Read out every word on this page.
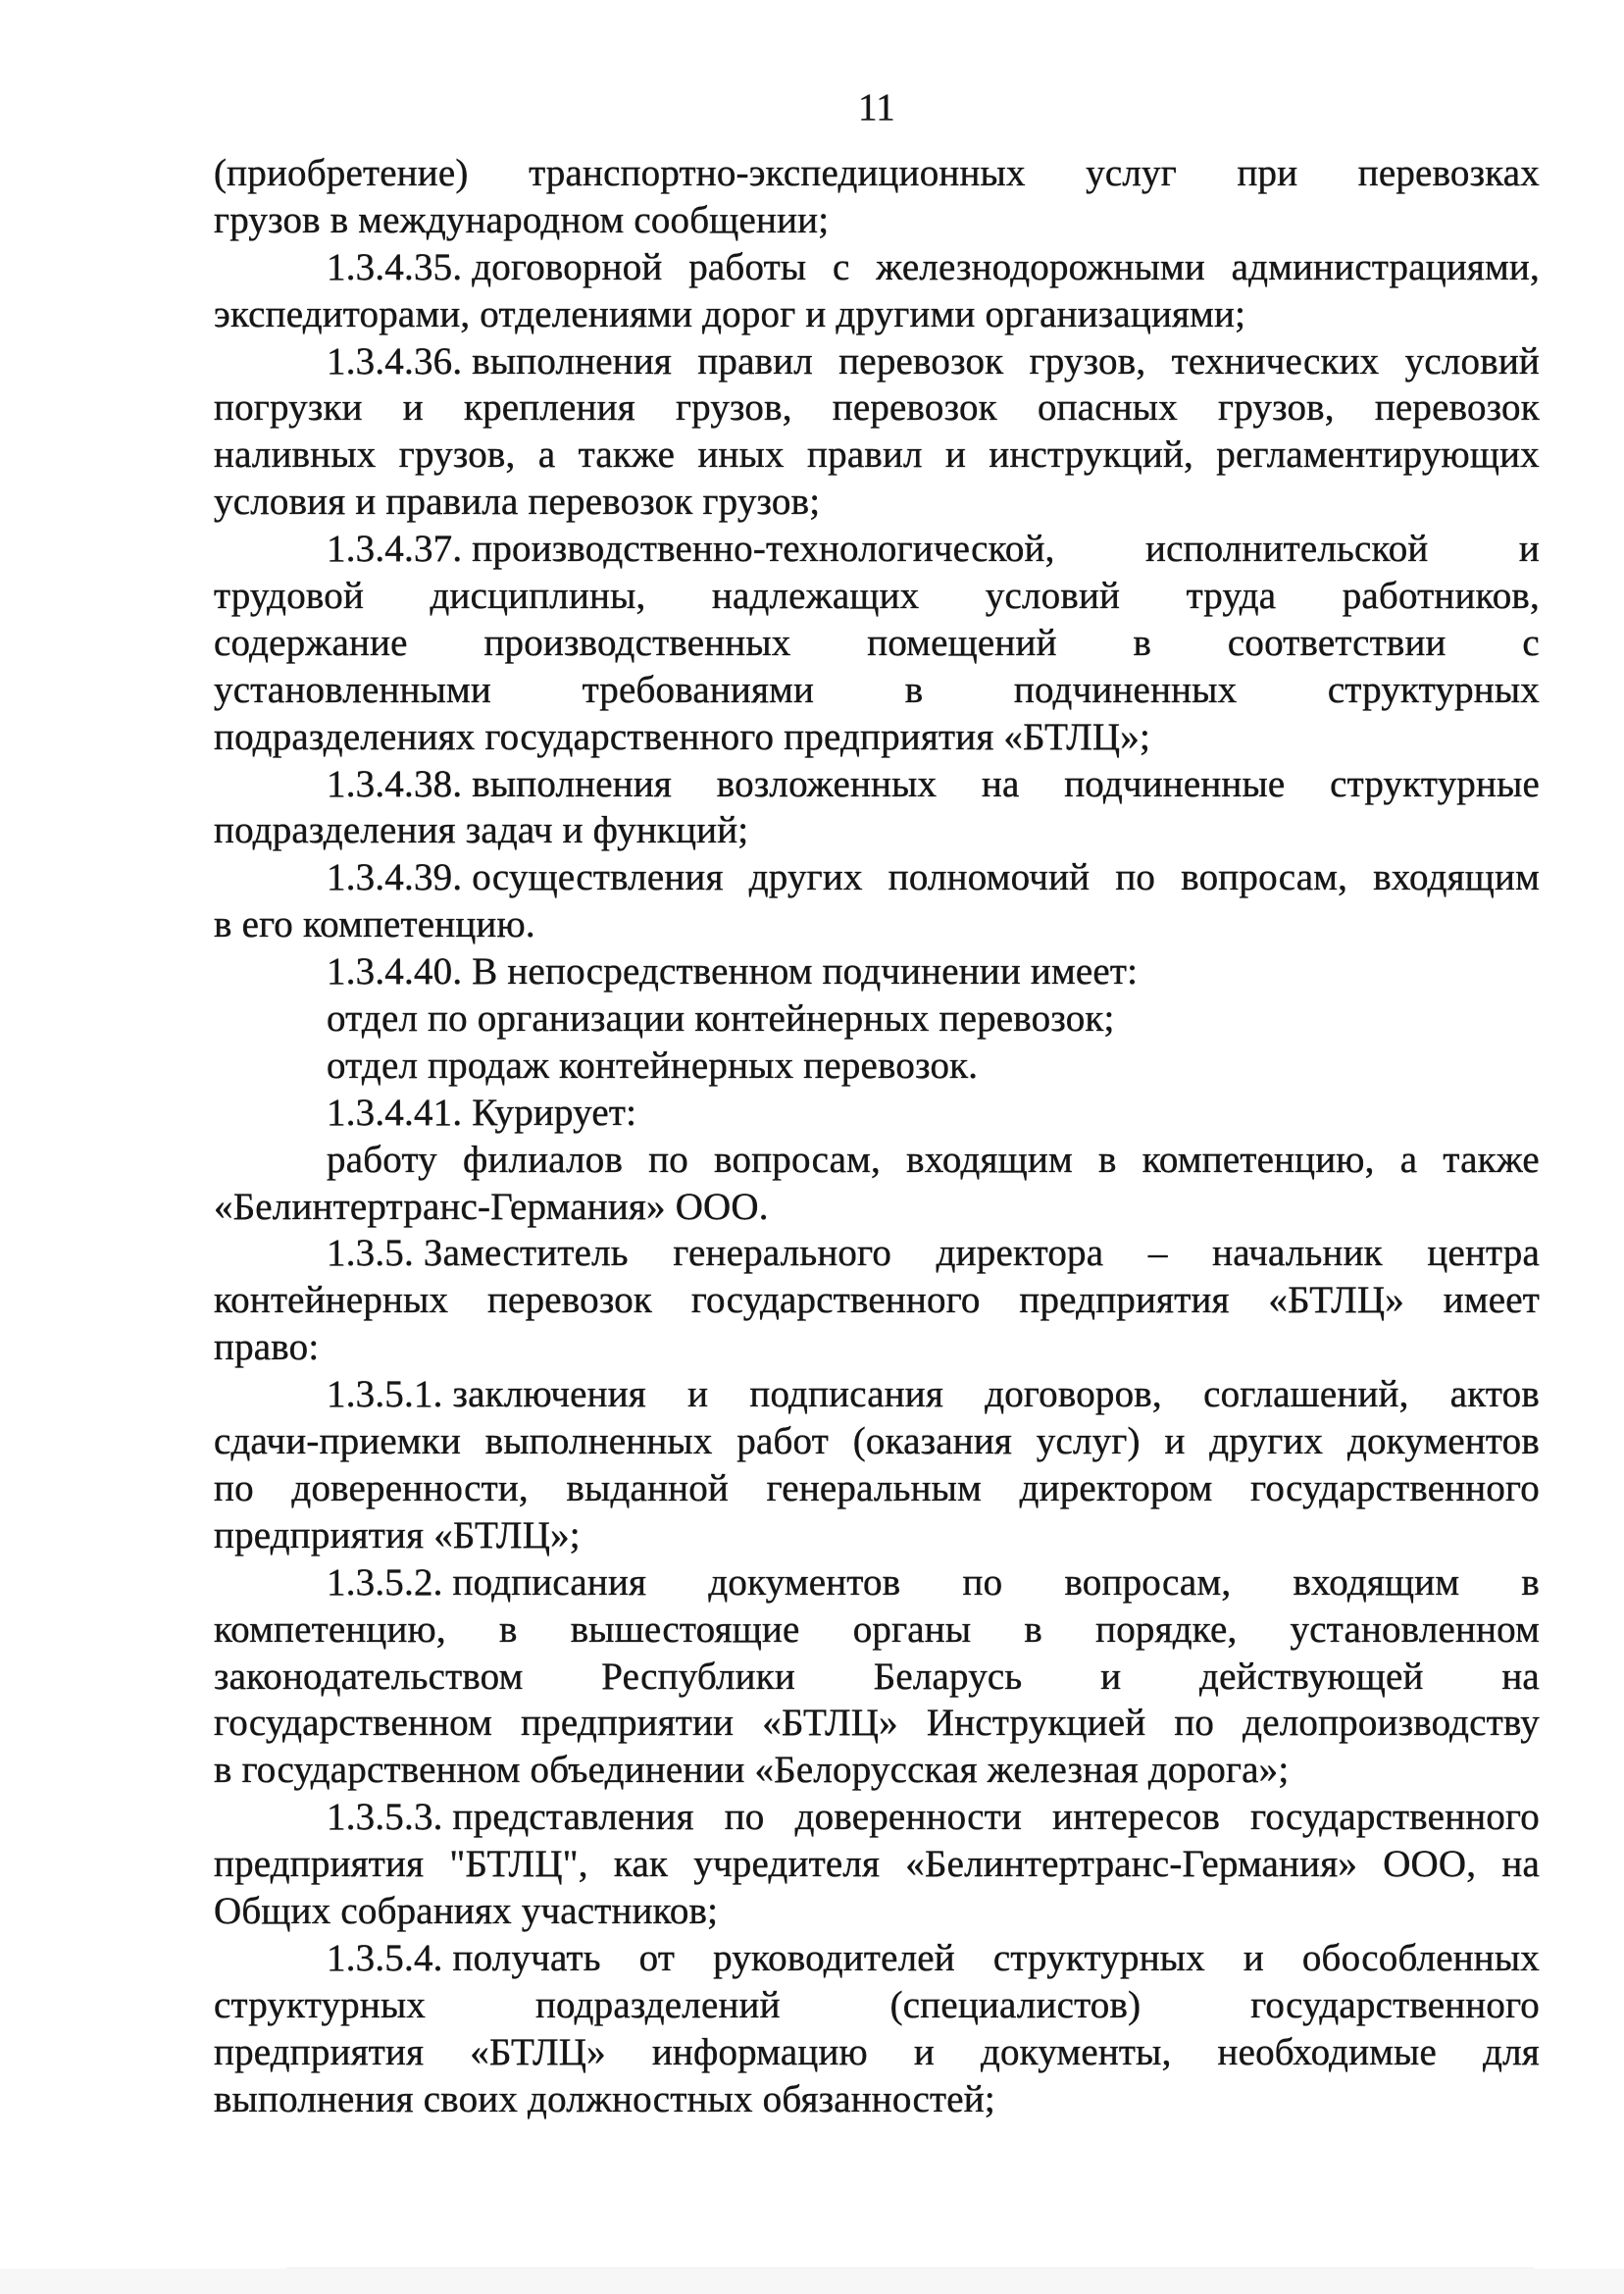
11
(приобретение) транспортно-экспедиционных услуг при перевозках
грузов в международном сообщении;
1.3.4.35. договорной работы с железнодорожными администрациями,
экспедиторами, отделениями дорог и другими организациями;
1.3.4.36. выполнения правил перевозок грузов, технических условий
погрузки и крепления грузов, перевозок опасных грузов, перевозок
наливных грузов, а также иных правил и инструкций, регламентирующих
условия и правила перевозок грузов;
1.3.4.37. производственно-технологической, исполнительской и
трудовой дисциплины, надлежащих условий труда работников,
содержание производственных помещений в соответствии с
установленными требованиями в подчиненных структурных
подразделениях государственного предприятия «БТЛЦ»;
1.3.4.38. выполнения возложенных на подчиненные структурные
подразделения задач и функций;
1.3.4.39. осуществления других полномочий по вопросам, входящим
в его компетенцию.
1.3.4.40. В непосредственном подчинении имеет:
отдел по организации контейнерных перевозок;
отдел продаж контейнерных перевозок.
1.3.4.41. Курирует:
работу филиалов по вопросам, входящим в компетенцию, а также
«Белинтертранс-Германия» ООО.
1.3.5. Заместитель генерального директора – начальник центра
контейнерных перевозок государственного предприятия «БТЛЦ» имеет
право:
1.3.5.1. заключения и подписания договоров, соглашений, актов
сдачи-приемки выполненных работ (оказания услуг) и других документов
по доверенности, выданной генеральным директором государственного
предприятия «БТЛЦ»;
1.3.5.2. подписания документов по вопросам, входящим в
компетенцию, в вышестоящие органы в порядке, установленном
законодательством Республики Беларусь и действующей на
государственном предприятии «БТЛЦ» Инструкцией по делопроизводству
в государственном объединении «Белорусская железная дорога»;
1.3.5.3. представления по доверенности интересов государственного
предприятия "БТЛЦ", как учредителя «Белинтертранс-Германия» ООО, на
Общих собраниях участников;
1.3.5.4. получать от руководителей структурных и обособленных
структурных	подразделений	(специалистов)	государственного
предприятия «БТЛЦ» информацию и документы, необходимые для
выполнения своих должностных обязанностей;
